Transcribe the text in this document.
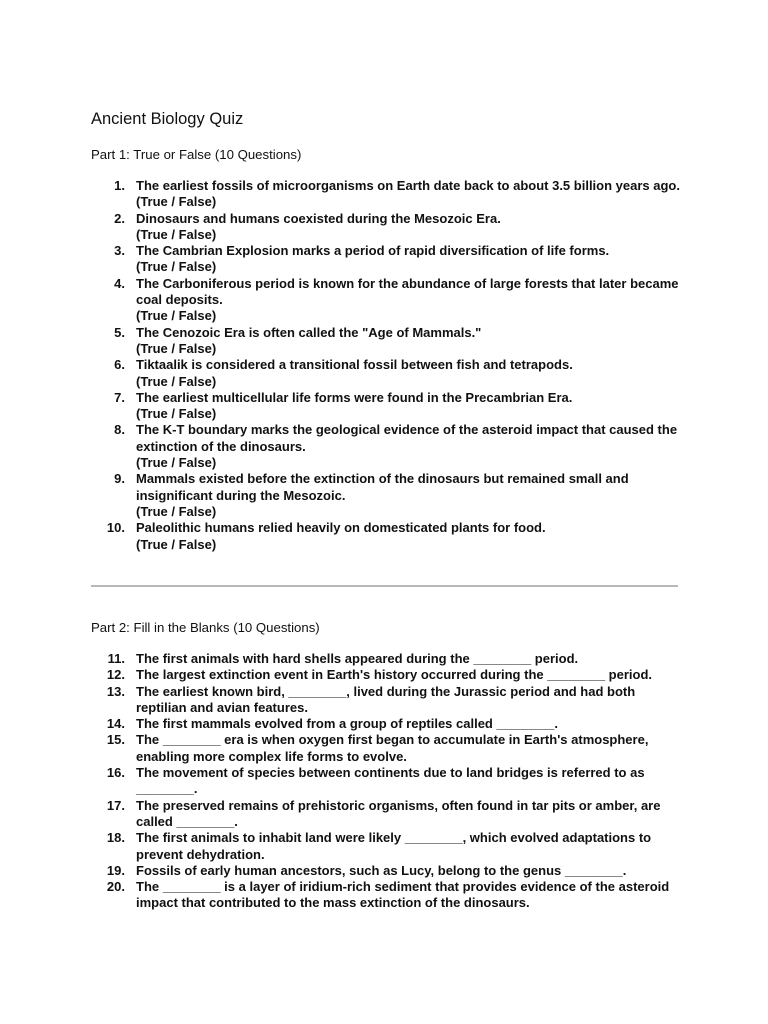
Ancient Biology Quiz

Part 1: True or False (10 Questions)

1. The earliest fossils of microorganisms on Earth date back to about 3.5 billion years ago.
(True / False)
2. Dinosaurs and humans coexisted during the Mesozoic Era.
(True / False)
3. The Cambrian Explosion marks a period of rapid diversification of life forms.
(True / False)
4. The Carboniferous period is known for the abundance of large forests that later became coal deposits.
(True / False)
5. The Cenozoic Era is often called the "Age of Mammals."
(True / False)
6. Tiktaalik is considered a transitional fossil between fish and tetrapods.
(True / False)
7. The earliest multicellular life forms were found in the Precambrian Era.
(True / False)
8. The K-T boundary marks the geological evidence of the asteroid impact that caused the extinction of the dinosaurs.
(True / False)
9. Mammals existed before the extinction of the dinosaurs but remained small and insignificant during the Mesozoic.
(True / False)
10. Paleolithic humans relied heavily on domesticated plants for food.
(True / False)

Part 2: Fill in the Blanks (10 Questions)

11. The first animals with hard shells appeared during the ________ period.
12. The largest extinction event in Earth's history occurred during the ________ period.
13. The earliest known bird, ________, lived during the Jurassic period and had both reptilian and avian features.
14. The first mammals evolved from a group of reptiles called ________.
15. The ________ era is when oxygen first began to accumulate in Earth's atmosphere, enabling more complex life forms to evolve.
16. The movement of species between continents due to land bridges is referred to as ________.
17. The preserved remains of prehistoric organisms, often found in tar pits or amber, are called ________.
18. The first animals to inhabit land were likely ________, which evolved adaptations to prevent dehydration.
19. Fossils of early human ancestors, such as Lucy, belong to the genus ________.
20. The ________ is a layer of iridium-rich sediment that provides evidence of the asteroid impact that contributed to the mass extinction of the dinosaurs.
